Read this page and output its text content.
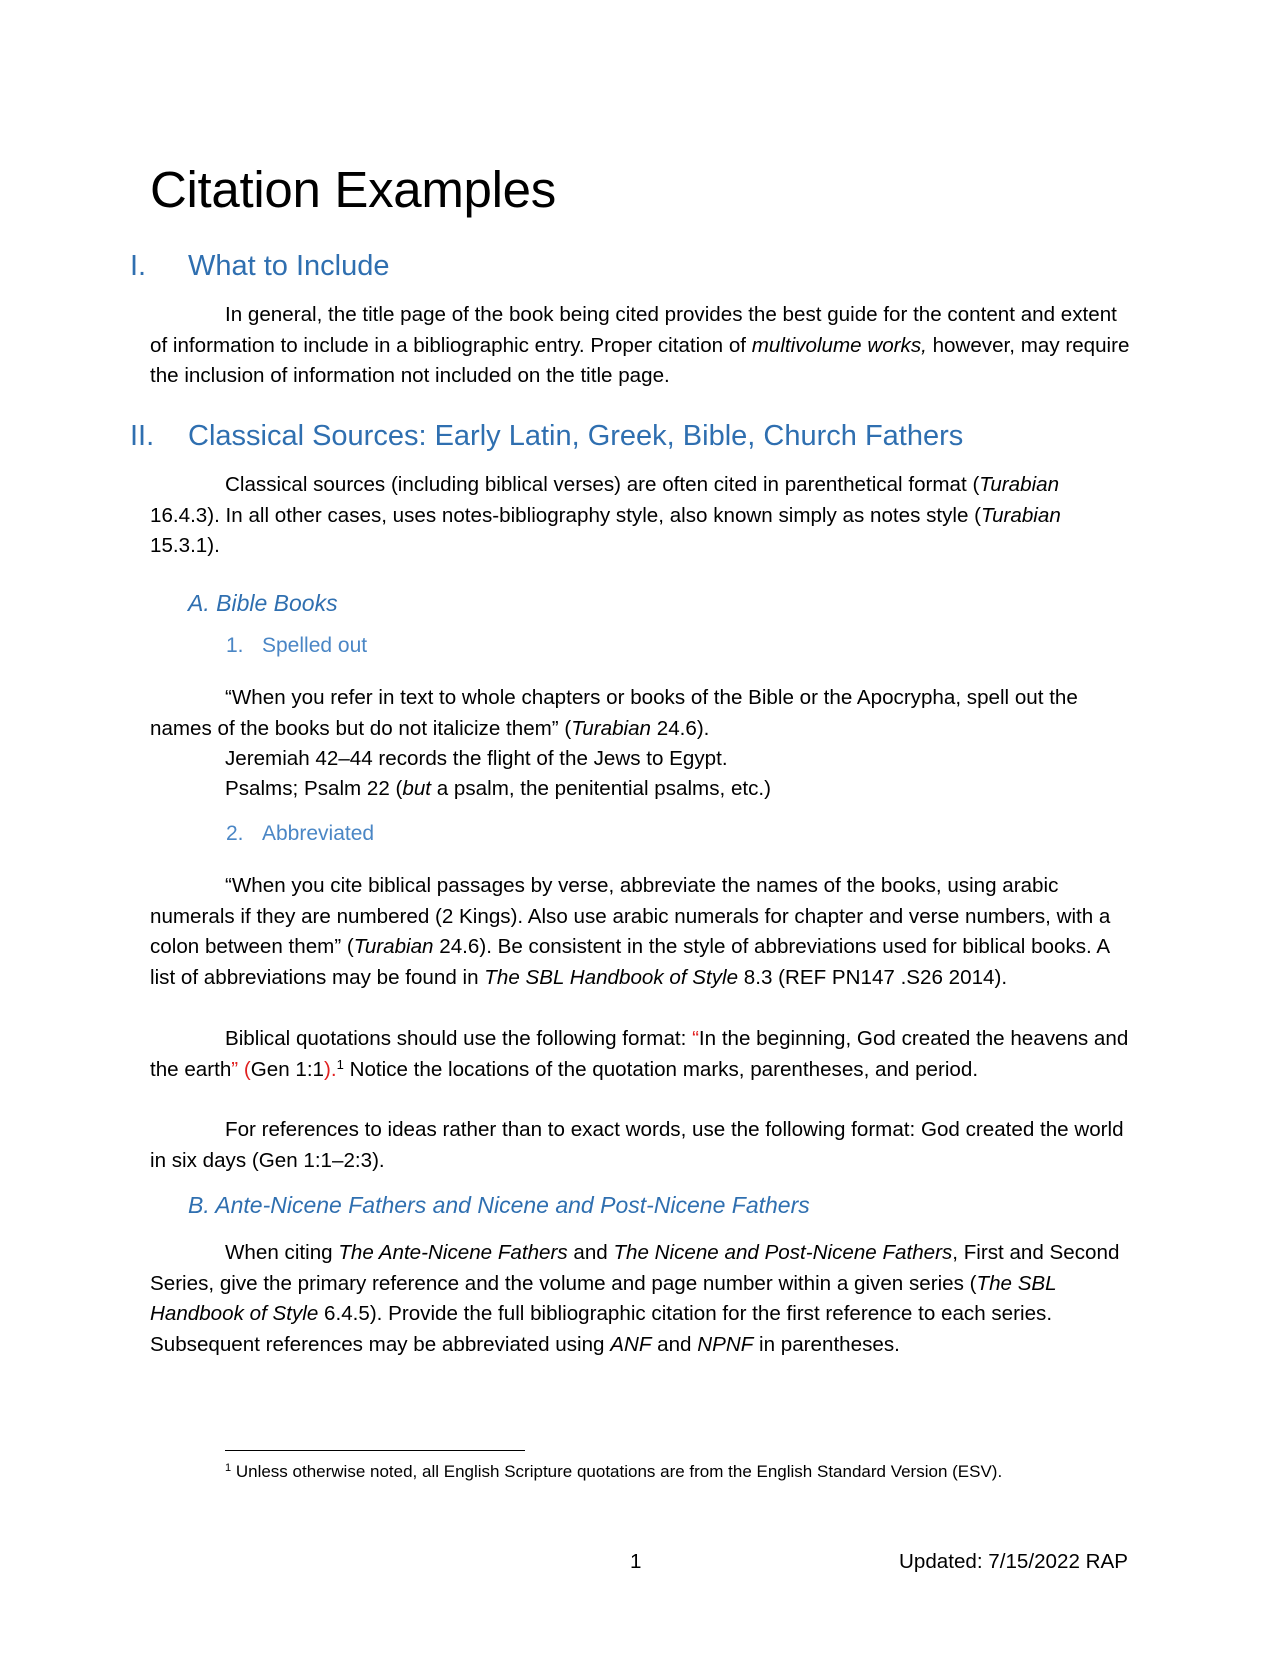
Citation Examples
I. What to Include

In general, the title page of the book being cited provides the best guide for the content and extent of information to include in a bibliographic entry. Proper citation of multivolume works, however, may require the inclusion of information not included on the title page.

II. Classical Sources: Early Latin, Greek, Bible, Church Fathers

Classical sources (including biblical verses) are often cited in parenthetical format (Turabian 16.4.3). In all other cases, uses notes-bibliography style, also known simply as notes style (Turabian 15.3.1).

A. Bible Books
1. Spelled out

“When you refer in text to whole chapters or books of the Bible or the Apocrypha, spell out the names of the books but do not italicize them” (Turabian 24.6).

Jeremiah 42–44 records the flight of the Jews to Egypt.

Psalms; Psalm 22 (but a psalm, the penitential psalms, etc.)

2. Abbreviated

“When you cite biblical passages by verse, abbreviate the names of the books, using arabic numerals if they are numbered (2 Kings). Also use arabic numerals for chapter and verse numbers, with a colon between them” (Turabian 24.6). Be consistent in the style of abbreviations used for biblical books. A list of abbreviations may be found in The SBL Handbook of Style 8.3 (REF PN147 .S26 2014).

Biblical quotations should use the following format: “In the beginning, God created the heavens and the earth” (Gen 1:1).$^1$ Notice the locations of the quotation marks, parentheses, and period.

For references to ideas rather than to exact words, use the following format: God created the world in six days (Gen 1:1–2:3).

B. Ante-Nicene Fathers and Nicene and Post-Nicene Fathers

When citing The Ante-Nicene Fathers and The Nicene and Post-Nicene Fathers, First and Second Series, give the primary reference and the volume and page number within a given series (The SBL Handbook of Style 6.4.5). Provide the full bibliographic citation for the first reference to each series. Subsequent references may be abbreviated using ANF and NPNF in parentheses.

$^1$ Unless otherwise noted, all English Scripture quotations are from the English Standard Version (ESV).

1	Updated: 7/15/2022 RAP
